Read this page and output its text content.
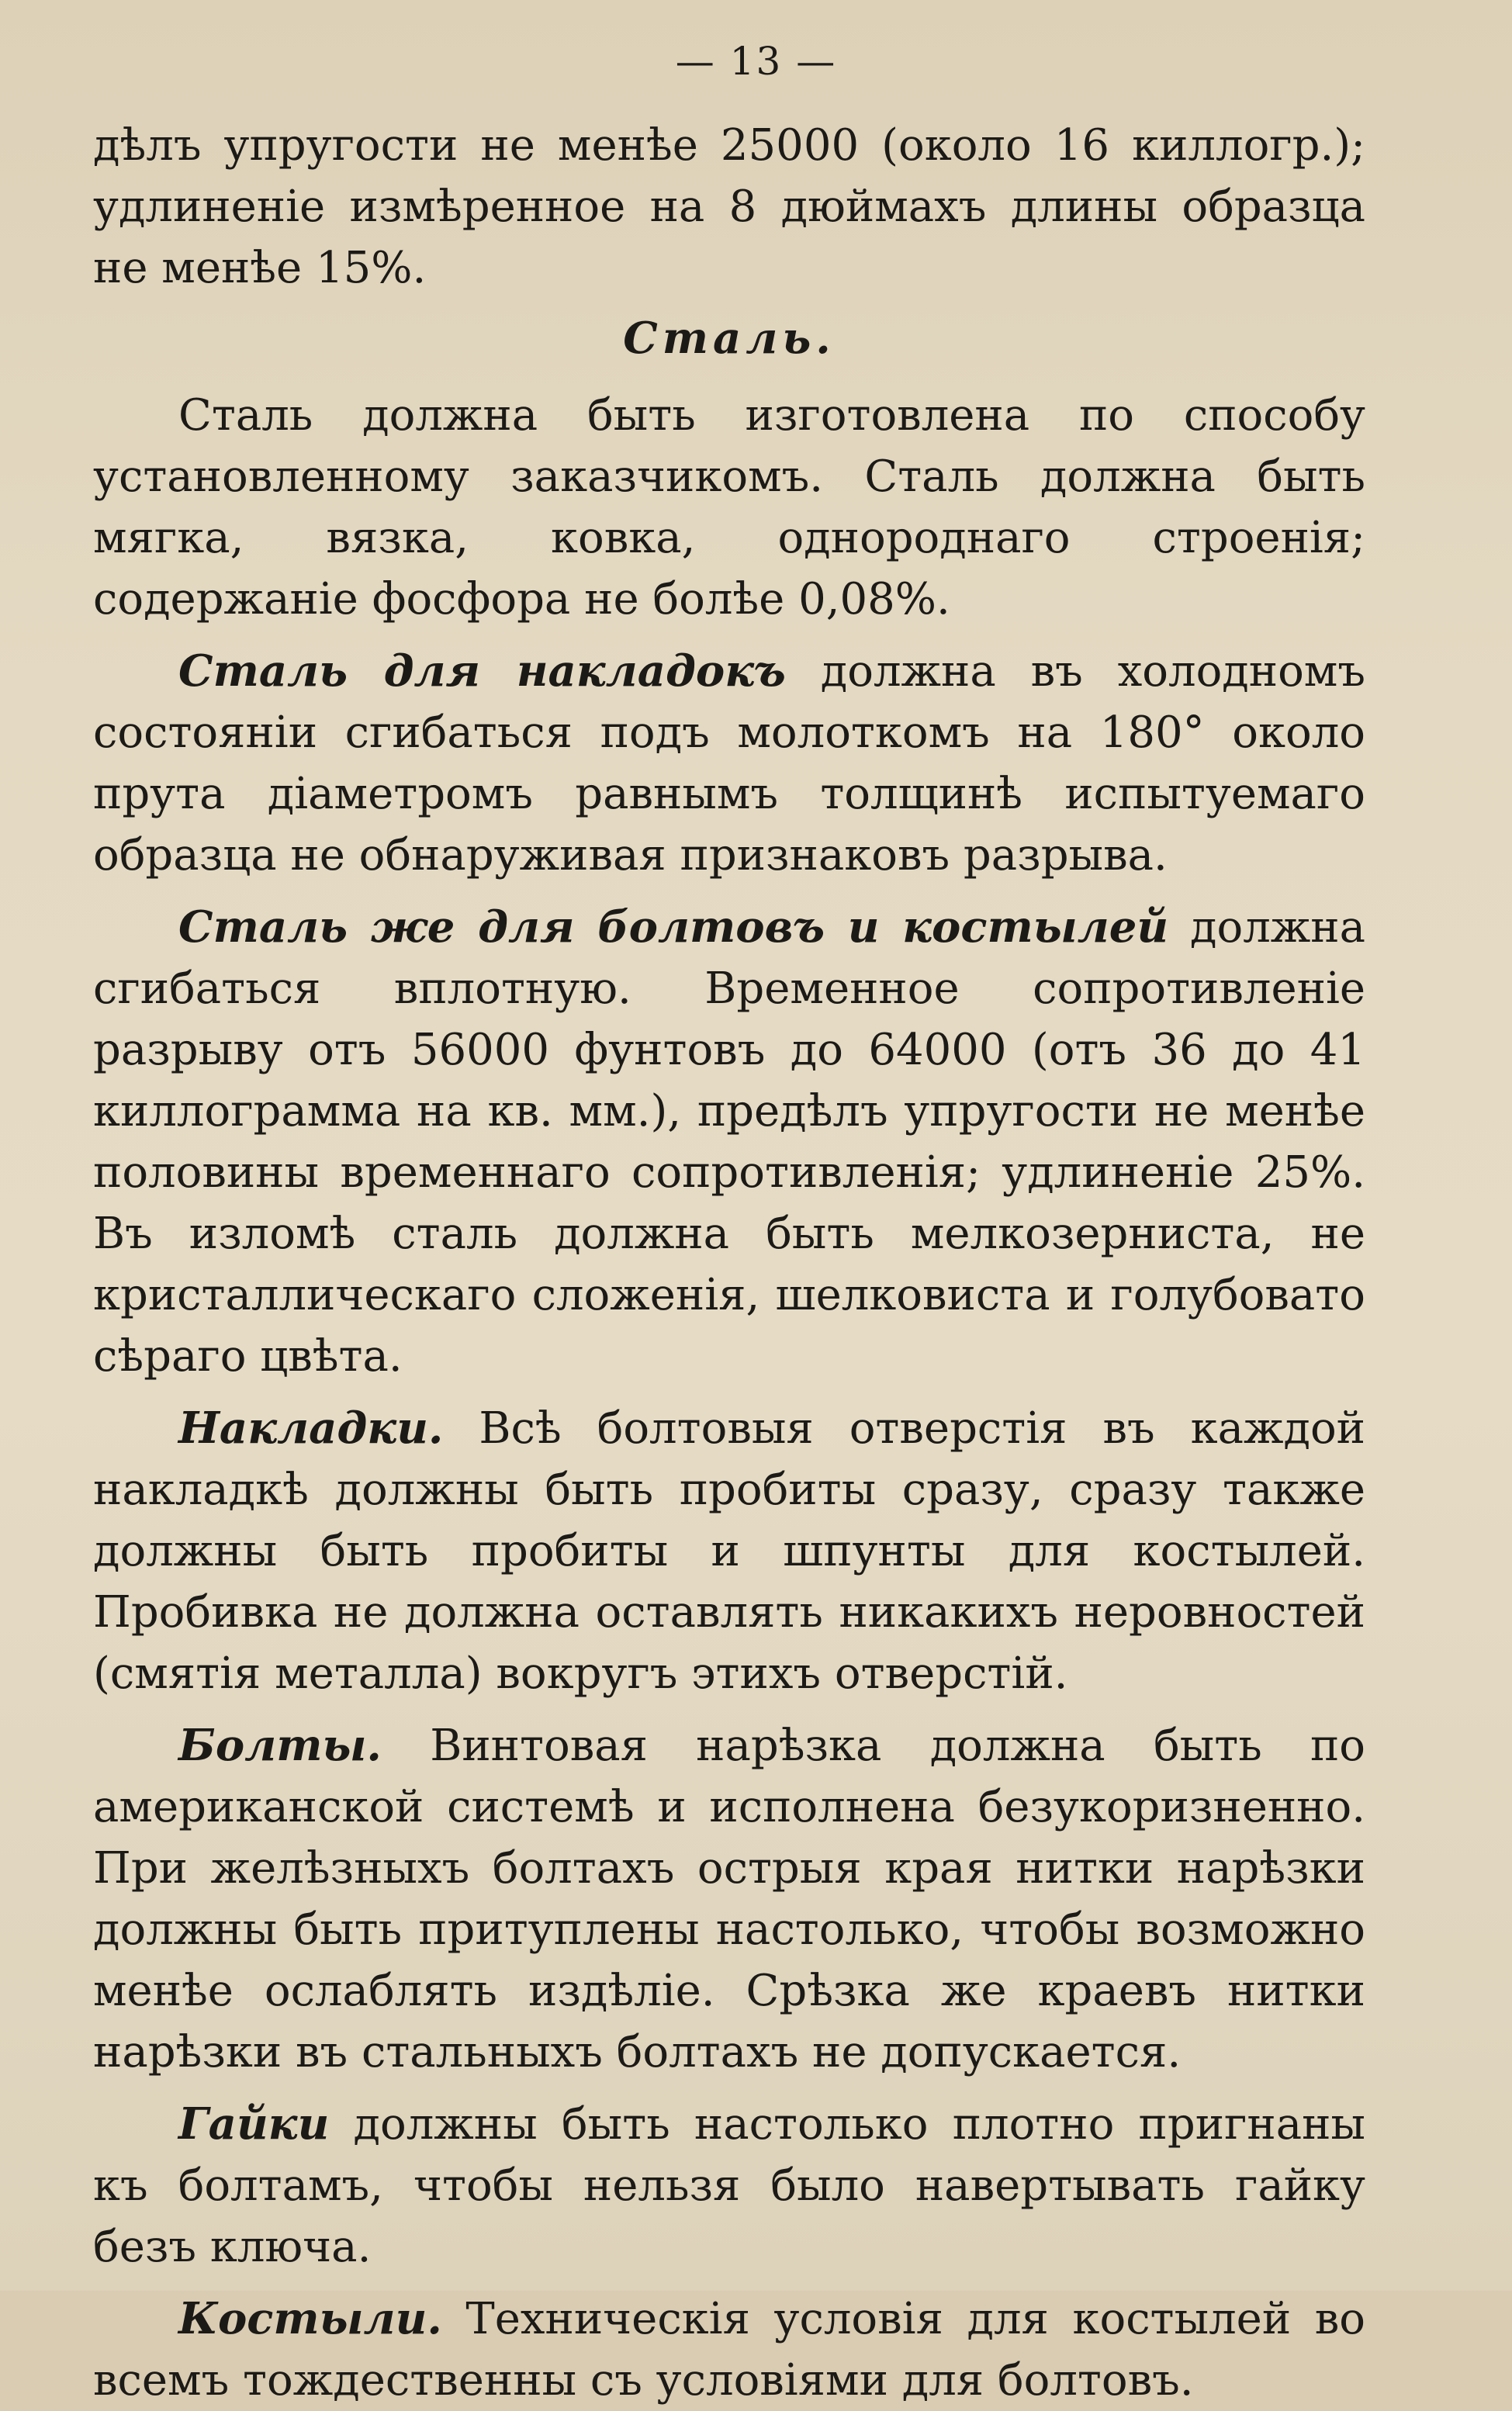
— 13 —

дѣлъ упругости не менѣе 25000 (около 16 киллогр.); удлиненіе измѣренное на 8 дюймахъ длины образца не менѣе 15%.

Сталь.

Сталь должна быть изготовлена по способу установленному заказчикомъ. Сталь должна быть мягка, вязка, ковка, однороднаго строенія; содержаніе фосфора не болѣе 0,08%.

Сталь для накладокъ должна въ холодномъ состояніи сгибаться подъ молоткомъ на 180° около прута діаметромъ равнымъ толщинѣ испытуемаго образца не обнаруживая признаковъ разрыва.

Сталь же для болтовъ и костылей должна сгибаться вплотную. Временное сопротивленіе разрыву отъ 56000 фунтовъ до 64000 (отъ 36 до 41 киллограмма на кв. мм.), предѣлъ упругости не менѣе половины временнаго сопротивленія; удлиненіе 25%. Въ изломѣ сталь должна быть мелкозерниста, не кристаллическаго сложенія, шелковиста и голубовато сѣраго цвѣта.

Накладки. Всѣ болтовыя отверстія въ каждой накладкѣ должны быть пробиты сразу, сразу также должны быть пробиты и шпунты для костылей. Пробивка не должна оставлять никакихъ неровностей (смятія металла) вокругъ этихъ отверстій.

Болты. Винтовая нарѣзка должна быть по американской системѣ и исполнена безукоризненно. При желѣзныхъ болтахъ острыя края нитки нарѣзки должны быть притуплены настолько, чтобы возможно менѣе ослаблять издѣліе. Срѣзка же краевъ нитки нарѣзки въ стальныхъ болтахъ не допускается.

Гайки должны быть настолько плотно пригнаны къ болтамъ, чтобы нельзя было навертывать гайку безъ ключа.

Костыли. Техническія условія для костылей во всемъ тождественны съ условіями для болтовъ.
